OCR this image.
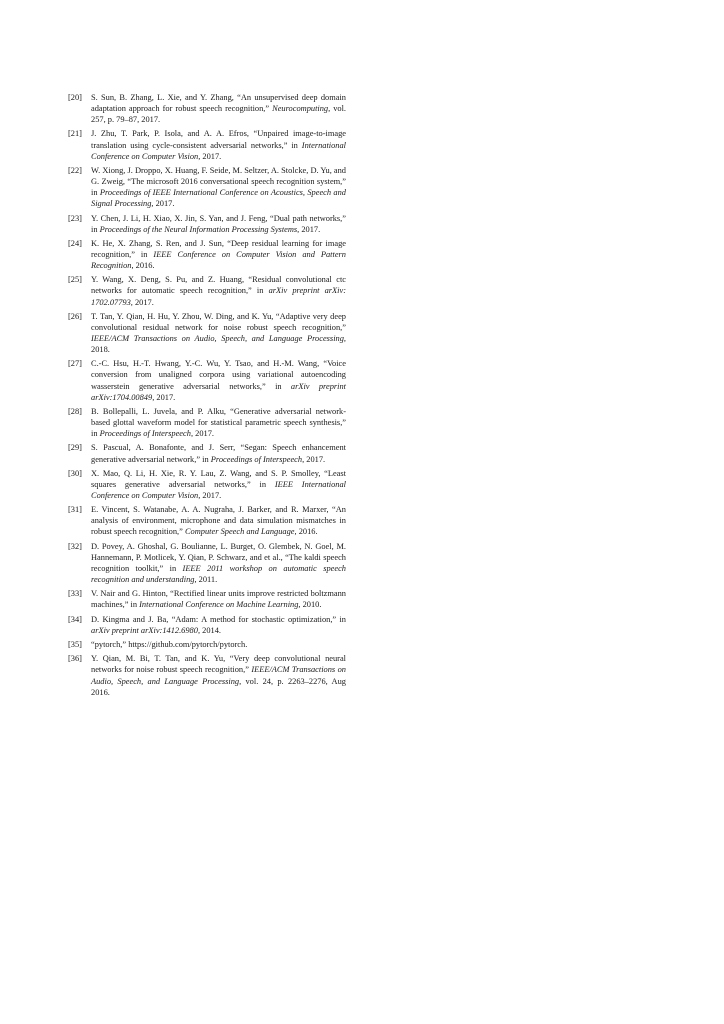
[20] S. Sun, B. Zhang, L. Xie, and Y. Zhang, “An unsupervised deep domain adaptation approach for robust speech recognition,” Neurocomputing, vol. 257, p. 79–87, 2017.
[21] J. Zhu, T. Park, P. Isola, and A. A. Efros, “Unpaired image-to-image translation using cycle-consistent adversarial networks,” in International Conference on Computer Vision, 2017.
[22] W. Xiong, J. Droppo, X. Huang, F. Seide, M. Seltzer, A. Stolcke, D. Yu, and G. Zweig, “The microsoft 2016 conversational speech recognition system,” in Proceedings of IEEE International Conference on Acoustics, Speech and Signal Processing, 2017.
[23] Y. Chen, J. Li, H. Xiao, X. Jin, S. Yan, and J. Feng, “Dual path networks,” in Proceedings of the Neural Information Processing Systems, 2017.
[24] K. He, X. Zhang, S. Ren, and J. Sun, “Deep residual learning for image recognition,” in IEEE Conference on Computer Vision and Pattern Recognition, 2016.
[25] Y. Wang, X. Deng, S. Pu, and Z. Huang, “Residual convolutional ctc networks for automatic speech recognition,” in arXiv preprint arXiv: 1702.07793, 2017.
[26] T. Tan, Y. Qian, H. Hu, Y. Zhou, W. Ding, and K. Yu, “Adaptive very deep convolutional residual network for noise robust speech recognition,” IEEE/ACM Transactions on Audio, Speech, and Language Processing, 2018.
[27] C.-C. Hsu, H.-T. Hwang, Y.-C. Wu, Y. Tsao, and H.-M. Wang, “Voice conversion from unaligned corpora using variational autoencoding wasserstein generative adversarial networks,” in arXiv preprint arXiv:1704.00849, 2017.
[28] B. Bollepalli, L. Juvela, and P. Alku, “Generative adversarial network-based glottal waveform model for statistical parametric speech synthesis,” in Proceedings of Interspeech, 2017.
[29] S. Pascual, A. Bonafonte, and J. Serr, “Segan: Speech enhancement generative adversarial network,” in Proceedings of Interspeech, 2017.
[30] X. Mao, Q. Li, H. Xie, R. Y. Lau, Z. Wang, and S. P. Smolley, “Least squares generative adversarial networks,” in IEEE International Conference on Computer Vision, 2017.
[31] E. Vincent, S. Watanabe, A. A. Nugraha, J. Barker, and R. Marxer, “An analysis of environment, microphone and data simulation mismatches in robust speech recognition,” Computer Speech and Language, 2016.
[32] D. Povey, A. Ghoshal, G. Boulianne, L. Burget, O. Glembek, N. Goel, M. Hannemann, P. Motlicek, Y. Qian, P. Schwarz, and et al., “The kaldi speech recognition toolkit,” in IEEE 2011 workshop on automatic speech recognition and understanding, 2011.
[33] V. Nair and G. Hinton, “Rectified linear units improve restricted boltzmann machines,” in International Conference on Machine Learning, 2010.
[34] D. Kingma and J. Ba, “Adam: A method for stochastic optimization,” in arXiv preprint arXiv:1412.6980, 2014.
[35] “pytorch,” https://github.com/pytorch/pytorch.
[36] Y. Qian, M. Bi, T. Tan, and K. Yu, “Very deep convolutional neural networks for noise robust speech recognition,” IEEE/ACM Transactions on Audio, Speech, and Language Processing, vol. 24, p. 2263–2276, Aug 2016.
